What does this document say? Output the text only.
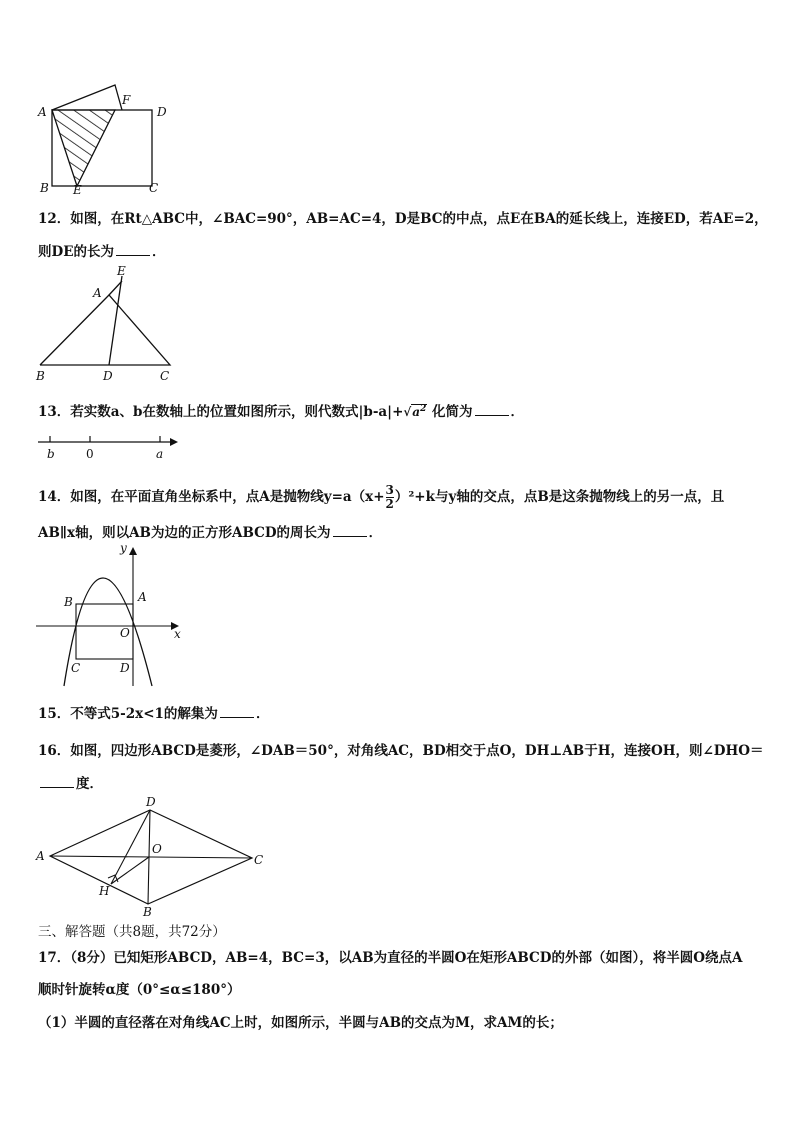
A
F
D
B E	C
12．如图，在Rt△ABC中，∠BAC=90°，AB=AC=4，D是BC的中点，点E在BA的延长线上，连接ED，若AE=2，
则DE的长为	．
E
A
B	D	C
13．若实数a、b在数轴上的位置如图所示，则代数式$|b-a|+√a^2$ 化简为	．
b	0	a
14．如图，在平面直角坐标系中，点A是抛物线$y=a(x+ \frac{3}{2} )^2+k$与y轴的交点，点B是这条抛物线上的另一点，且
AB∥x轴，则以AB为边的正方形ABCD的周长为	．
y
x
B	A
O
C	D
15．不等式5-2x<1的解集为	．
16．如图，四边形ABCD是菱形，∠DAB＝50°，对角线AC，BD相交于点O，DH⊥AB于H，连接OH，则∠DHO＝
度．
D
A	O
C
H
B
三、解答题（共8题，共72分）
17．（8分）已知矩形ABCD，AB=4，BC=3，以AB为直径的半圆O在矩形ABCD的外部（如图），将半圆O绕点A
顺时针旋转α度（0°≤α≤180°）
（1）半圆的直径落在对角线AC上时，如图所示，半圆与AB的交点为M，求AM的长；
